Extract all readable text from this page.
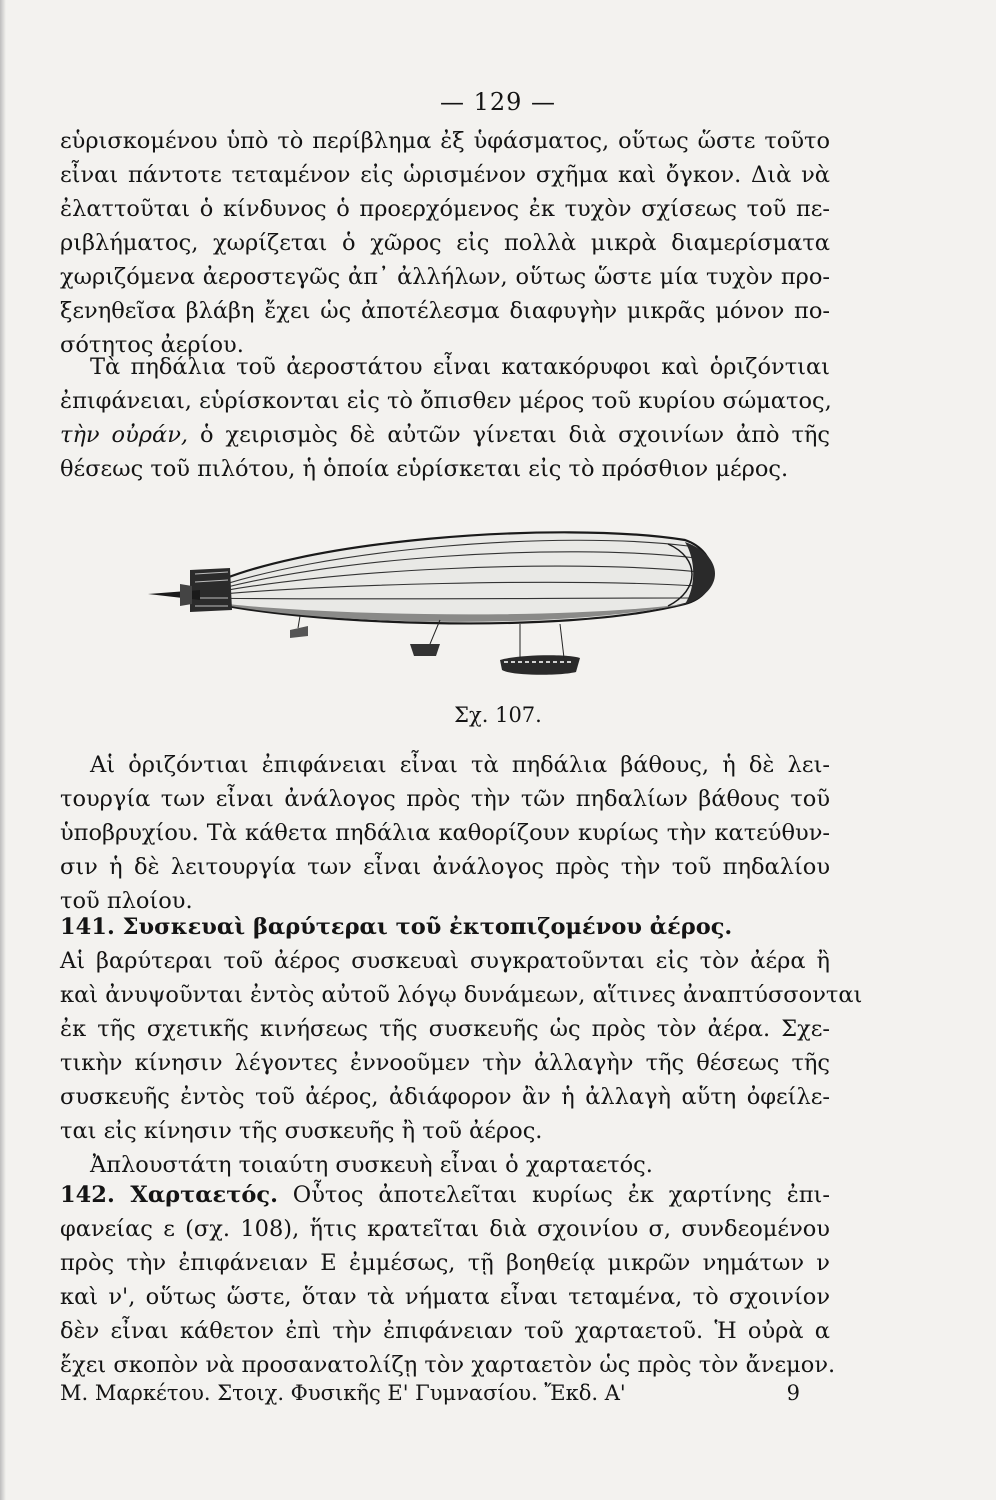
— 129 —
εὑρισκομένου ὑπὸ τὸ περίβλημα ἐξ ὑφάσματος, οὕτως ὥστε τοῦτο
εἶναι πάντοτε τεταμένον εἰς ὡρισμένον σχῆμα καὶ ὄγκον. Διὰ νὰ
ἐλαττοῦται ὁ κίνδυνος ὁ προερχόμενος ἐκ τυχὸν σχίσεως τοῦ πε-
ριβλήματος, χωρίζεται ὁ χῶρος εἰς πολλὰ μικρὰ διαμερίσματα
χωριζόμενα ἀεροστεγῶς ἀπ᾽ ἀλλήλων, οὕτως ὥστε μία τυχὸν προ-
ξενηθεῖσα βλάβη ἔχει ὡς ἀποτέλεσμα διαφυγὴν μικρᾶς μόνον πο-
σότητος ἀερίου.
Τὰ πηδάλια τοῦ ἀεροστάτου εἶναι κατακόρυφοι καὶ ὁριζόντιαι
ἐπιφάνειαι, εὑρίσκονται εἰς τὸ ὄπισθεν μέρος τοῦ κυρίου σώματος,
τὴν οὐράν, ὁ χειρισμὸς δὲ αὐτῶν γίνεται διὰ σχοινίων ἀπὸ τῆς
θέσεως τοῦ πιλότου, ἡ ὁποία εὑρίσκεται εἰς τὸ πρόσθιον μέρος.
Σχ. 107.
Αἱ ὁριζόντιαι ἐπιφάνειαι εἶναι τὰ πηδάλια βάθους, ἡ δὲ λει-
τουργία των εἶναι ἀνάλογος πρὸς τὴν τῶν πηδαλίων βάθους τοῦ
ὑποβρυχίου. Τὰ κάθετα πηδάλια καθορίζουν κυρίως τὴν κατεύθυν-
σιν ἡ δὲ λειτουργία των εἶναι ἀνάλογος πρὸς τὴν τοῦ πηδαλίου
τοῦ πλοίου.
141. Συσκευαὶ βαρύτεραι τοῦ ἐκτοπιζομένου ἀέρος.
Αἱ βαρύτεραι τοῦ ἀέρος συσκευαὶ συγκρατοῦνται εἰς τὸν ἀέρα ἢ
καὶ ἀνυψοῦνται ἐντὸς αὐτοῦ λόγῳ δυνάμεων, αἵτινες ἀναπτύσσονται
ἐκ τῆς σχετικῆς κινήσεως τῆς συσκευῆς ὡς πρὸς τὸν ἀέρα. Σχε-
τικὴν κίνησιν λέγοντες ἐννοοῦμεν τὴν ἀλλαγὴν τῆς θέσεως τῆς
συσκευῆς ἐντὸς τοῦ ἀέρος, ἀδιάφορον ἂν ἡ ἀλλαγὴ αὕτη ὀφείλε-
ται εἰς κίνησιν τῆς συσκευῆς ἢ τοῦ ἀέρος.
Ἀπλουστάτη τοιαύτη συσκευὴ εἶναι ὁ χαρταετός.
142. Χαρταετός. Οὗτος ἀποτελεῖται κυρίως ἐκ χαρτίνης ἐπι-
φανείας ε (σχ. 108), ἥτις κρατεῖται διὰ σχοινίου σ, συνδεομένου
πρὸς τὴν ἐπιφάνειαν Ε ἐμμέσως, τῇ βοηθείᾳ μικρῶν νημάτων ν
καὶ ν', οὕτως ὥστε, ὅταν τὰ νήματα εἶναι τεταμένα, τὸ σχοινίον
δὲν εἶναι κάθετον ἐπὶ τὴν ἐπιφάνειαν τοῦ χαρταετοῦ. Ἡ οὐρὰ α
ἔχει σκοπὸν νὰ προσανατολίζῃ τὸν χαρταετὸν ὡς πρὸς τὸν ἄνεμον.
Μ. Μαρκέτου. Στοιχ. Φυσικῆς Ε' Γυμνασίου. Ἔκδ. Α'	9
